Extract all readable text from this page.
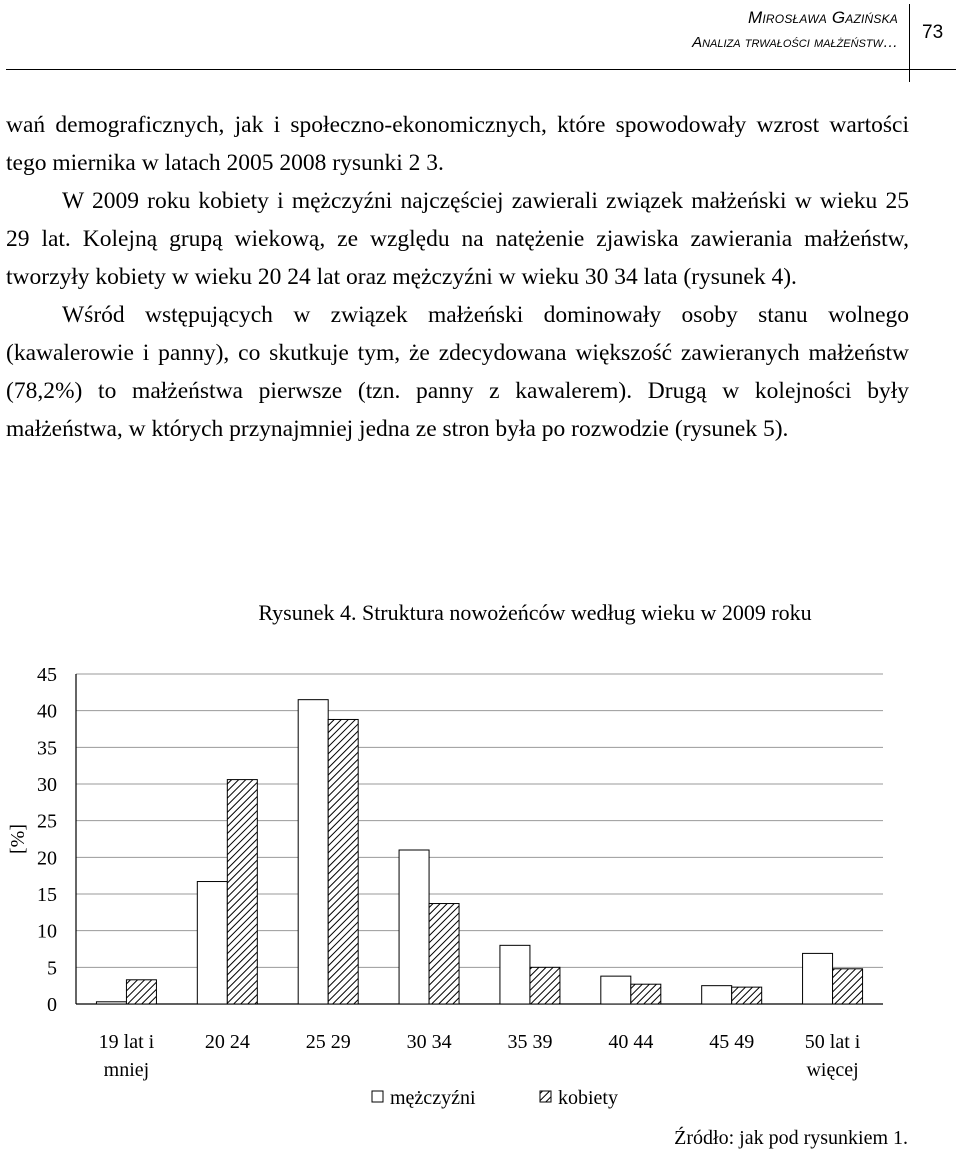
Mirosława Gazińska
Analiza trwałości małżeństw… 73

wań demograficznych, jak i społeczno-ekonomicznych, które spowodowały wzrost wartości tego miernika w latach 2005 2008 rysunki 2 3.

W 2009 roku kobiety i mężczyźni najczęściej zawierali związek małżeński w wieku 25 29 lat. Kolejną grupą wiekową, ze względu na natężenie zjawiska zawierania małżeństw, tworzyły kobiety w wieku 20 24 lat oraz mężczyźni w wieku 30 34 lata (rysunek 4).

Wśród wstępujących w związek małżeński dominowały osoby stanu wolnego (kawalerowie i panny), co skutkuje tym, że zdecydowana większość zawieranych małżeństw (78,2%) to małżeństwa pierwsze (tzn. panny z kawalerem). Drugą w kolejności były małżeństwa, w których przynajmniej jedna ze stron była po rozwodzie (rysunek 5).

Rysunek 4. Struktura nowożeńców według wieku w 2009 roku
0
5
10
15
20
25
30
35
40
45
[%]
19 lat i mniej
20 24	25 29	30 34	35 39	40 44	45 49	50 lat i więcej
mężczyźni	kobiety
Źródło: jak pod rysunkiem 1.
